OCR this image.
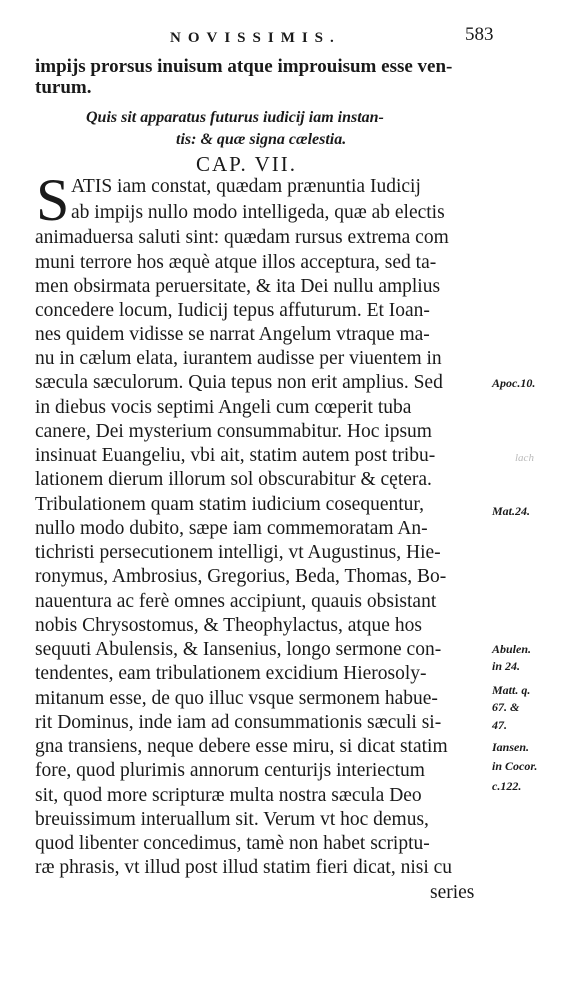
NOVISSIMIS.	583
impijs prorsus inuisum atque improuisum esse ven-
turum.
Quis sit apparatus futurus iudicij iam instan-
tis: & quæ signa cælestia.
CAP. VII.
S ATIS iam constat, quædam prænuntia Iudicij
ab impijs nullo modo intelligeda, quæ ab electis
animaduersa saluti sint: quædam rursus extrema com
muni terrore hos æquè atque illos acceptura, sed ta-
men obsirmata peruersitate, & ita Dei nullu amplius
concedere locum, Iudicij tepus affuturum. Et Ioan-
nes quidem vidisse se narrat Angelum vtraque ma-
nu in cælum elata, iurantem audisse per viuentem in
sæcula sæculorum. Quia tepus non erit amplius. Sed
in diebus vocis septimi Angeli cum cœperit tuba
canere, Dei mysterium consummabitur. Hoc ipsum
insinuat Euangeliu, vbi ait, statim autem post tribu-
lationem dierum illorum sol obscurabitur & cętera.
Tribulationem quam statim iudicium cosequentur,
nullo modo dubito, sæpe iam commemoratam An-
tichristi persecutionem intelligi, vt Augustinus, Hie-
ronymus, Ambrosius, Gregorius, Beda, Thomas, Bo-
nauentura ac ferè omnes accipiunt, quauis obsistant
nobis Chrysostomus, & Theophylactus, atque hos
sequuti Abulensis, & Iansenius, longo sermone con-
tendentes, eam tribulationem excidium Hierosoly-
mitanum esse, de quo illuc vsque sermonem habue-
rit Dominus, inde iam ad consummationis sæculi si-
gna transiens, neque debere esse miru, si dicat statim
fore, quod plurimis annorum centurijs interiectum
sit, quod more scripturæ multa nostra sæcula Deo
breuissimum interuallum sit. Verum vt hoc demus,
quod libenter concedimus, tamè non habet scriptu-
ræ phrasis, vt illud post illud statim fieri dicat, nisi cu
series
Apoc.10.
Mat.24.
Abulen.
in 24.
Matt. q.
67. &
47.
Iansen.
in Cocor.
c.122.
lach
